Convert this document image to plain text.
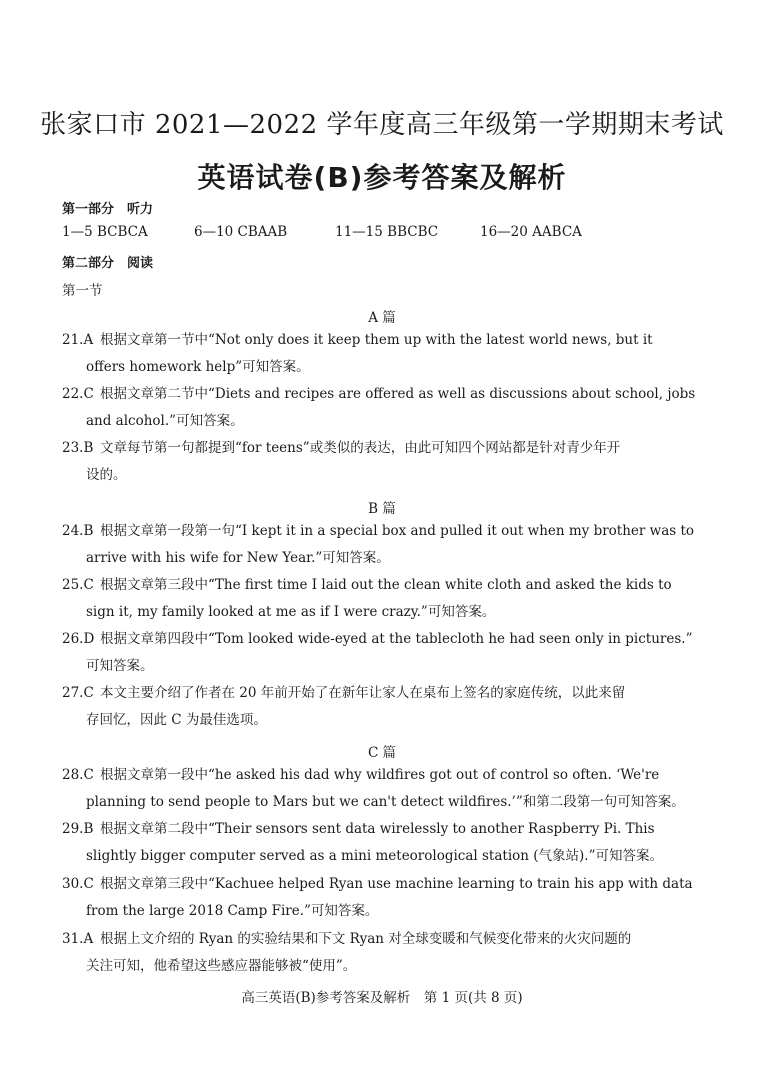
张家口市 2021—2022 学年度高三年级第一学期期末考试
英语试卷(B)参考答案及解析
第一部分　听力
1—5 BCBCA	6—10 CBAAB	11—15 BBCBC	16—20 AABCA
第二部分　阅读
第一节
A 篇
21.A 根据文章第一节中“Not only does it keep them up with the latest world news, but it
offers homework help”可知答案。
22.C 根据文章第二节中“Diets and recipes are offered as well as discussions about school, jobs
and alcohol.”可知答案。
23.B 文章每节第一句都提到“for teens”或类似的表达，由此可知四个网站都是针对青少年开
设的。
B 篇
24.B 根据文章第一段第一句“I kept it in a special box and pulled it out when my brother was to
arrive with his wife for New Year.”可知答案。
25.C 根据文章第三段中“The first time I laid out the clean white cloth and asked the kids to
sign it, my family looked at me as if I were crazy.”可知答案。
26.D 根据文章第四段中“Tom looked wide-eyed at the tablecloth he had seen only in pictures.”
可知答案。
27.C 本文主要介绍了作者在 20 年前开始了在新年让家人在桌布上签名的家庭传统，以此来留
存回忆，因此 C 为最佳选项。
C 篇
28.C 根据文章第一段中“he asked his dad why wildfires got out of control so often. ‘We're
planning to send people to Mars but we can't detect wildfires.’”和第二段第一句可知答案。
29.B 根据文章第二段中“Their sensors sent data wirelessly to another Raspberry Pi. This
slightly bigger computer served as a mini meteorological station (气象站).”可知答案。
30.C 根据文章第三段中“Kachuee helped Ryan use machine learning to train his app with data
from the large 2018 Camp Fire.”可知答案。
31.A 根据上文介绍的 Ryan 的实验结果和下文 Ryan 对全球变暖和气候变化带来的火灾问题的
关注可知，他希望这些感应器能够被“使用”。
高三英语(B)参考答案及解析　第 1 页(共 8 页)
